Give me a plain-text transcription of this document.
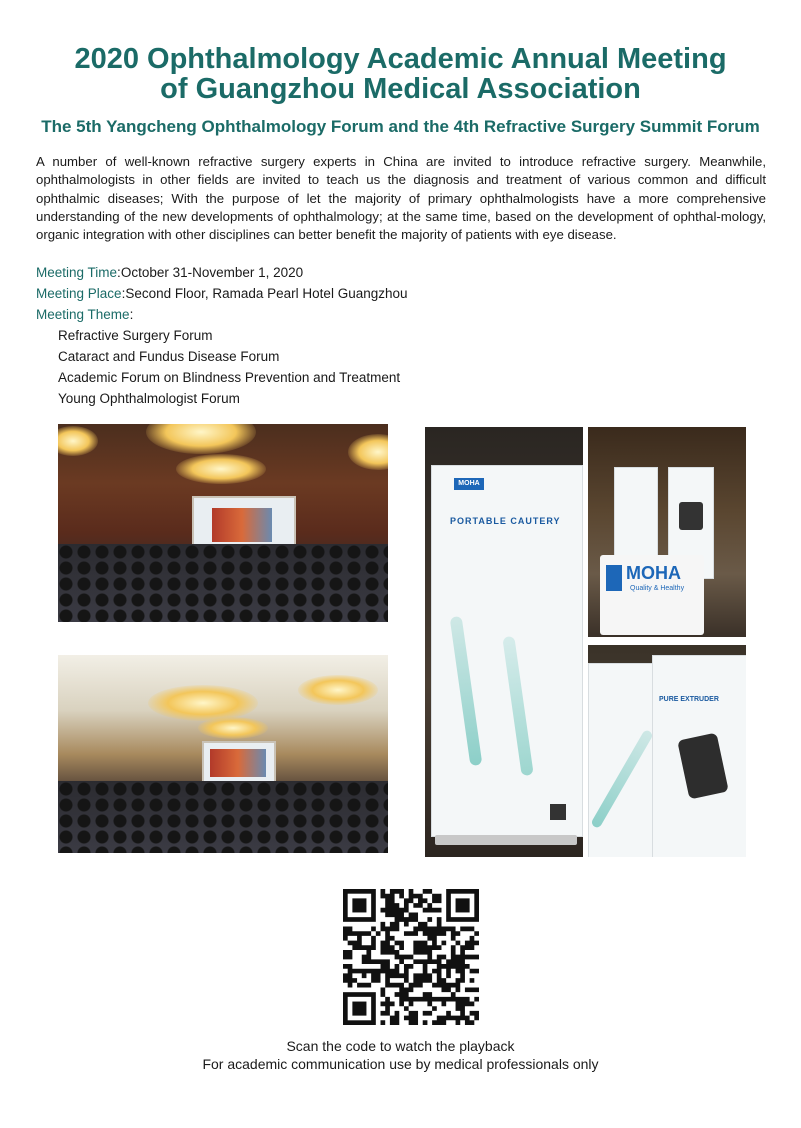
2020 Ophthalmology Academic Annual Meeting
of Guangzhou Medical Association
The 5th Yangcheng Ophthalmology Forum and the 4th Refractive Surgery Summit Forum

A number of well-known refractive surgery experts in China are invited to introduce refractive surgery. Meanwhile, ophthalmologists in other fields are invited to teach us the diagnosis and treatment of various common and difficult ophthalmic diseases; With the purpose of let the majority of primary ophthalmologists have a more comprehensive understanding of the new developments of ophthalmology; at the same time, based on the development of ophthal-mology, organic integration with other disciplines can better benefit the majority of patients with eye disease.

Meeting Time:October 31-November 1, 2020
Meeting Place:Second Floor, Ramada Pearl Hotel Guangzhou
Meeting Theme:
Refractive Surgery Forum
Cataract and Fundus Disease Forum
Academic Forum on Blindness Prevention and Treatment
Young Ophthalmologist Forum
MOHA
PORTABLE CAUTERY
MOHA
Quality & Healthy
PURE EXTRUDER
Scan the code to watch the playback
For academic communication use by medical professionals only
